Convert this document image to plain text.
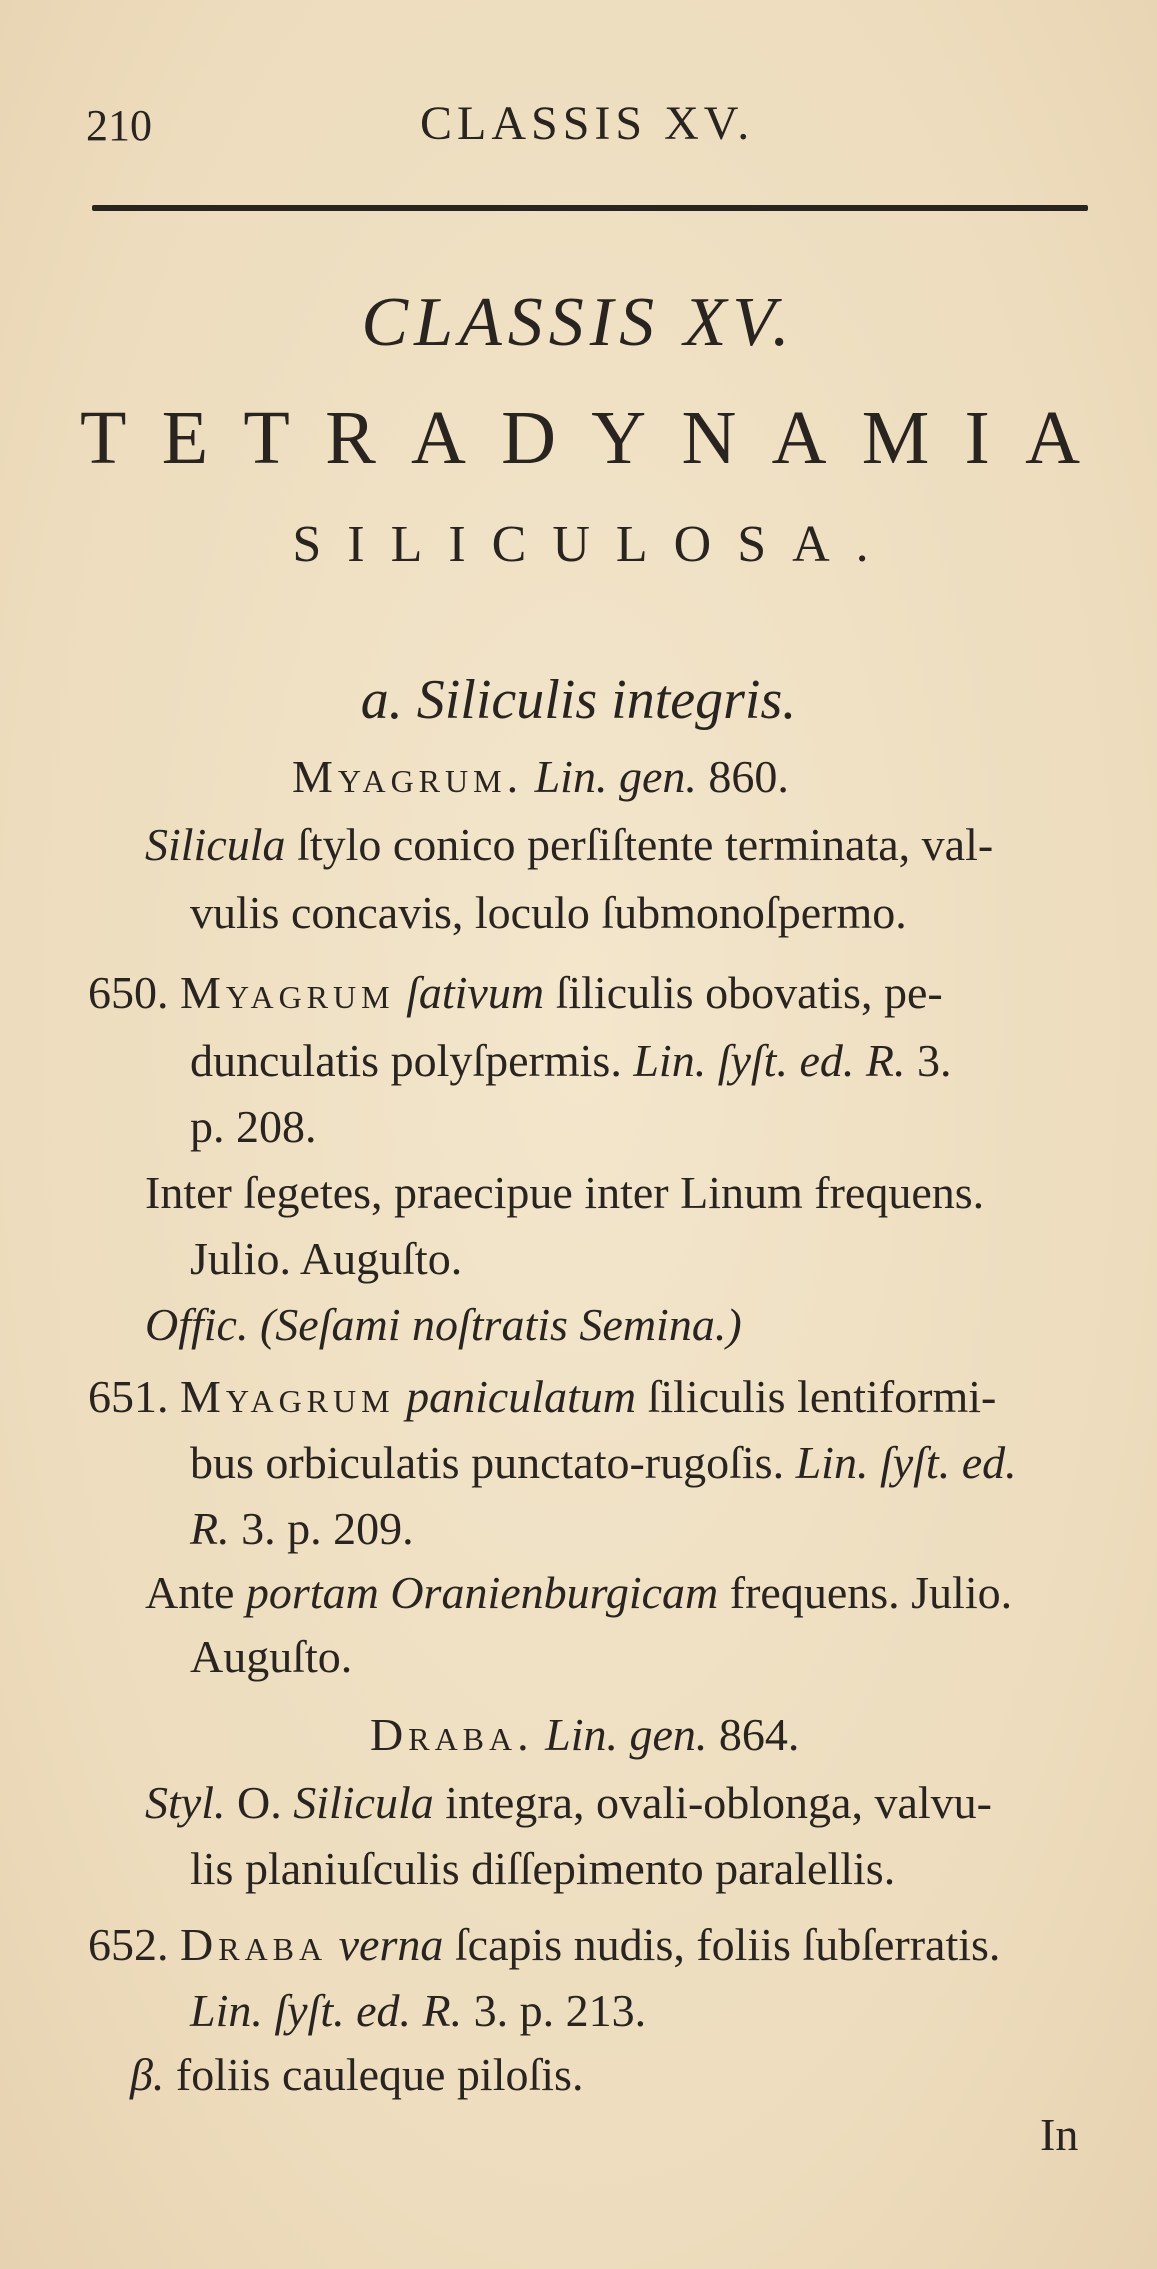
210	CLASSIS XV.
CLASSIS XV.
T E T R A D Y N A M I A
SILICULOSA.
a. Siliculis integris.
Myagrum. Lin. gen. 860.
Silicula ſtylo conico perſiſtente terminata, val-
vulis concavis, loculo ſubmonoſpermo.
650. Myagrum ſativum ſiliculis obovatis, pe-
dunculatis polyſpermis. Lin. ſyſt. ed. R. 3.
p. 208.
Inter ſegetes, praecipue inter Linum frequens.
Julio. Auguſto.
Offic. (Seſami noſtratis Semina.)
651. Myagrum paniculatum ſiliculis lentiformi-
bus orbiculatis punctato-rugoſis. Lin. ſyſt. ed.
R. 3. p. 209.
Ante portam Oranienburgicam frequens. Julio.
Auguſto.
Draba. Lin. gen. 864.
Styl. O. Silicula integra, ovali-oblonga, valvu-
lis planiuſculis diſſepimento paralellis.
652. Draba verna ſcapis nudis, foliis ſubſerratis.
Lin. ſyſt. ed. R. 3. p. 213.
β. foliis cauleque piloſis.
In
